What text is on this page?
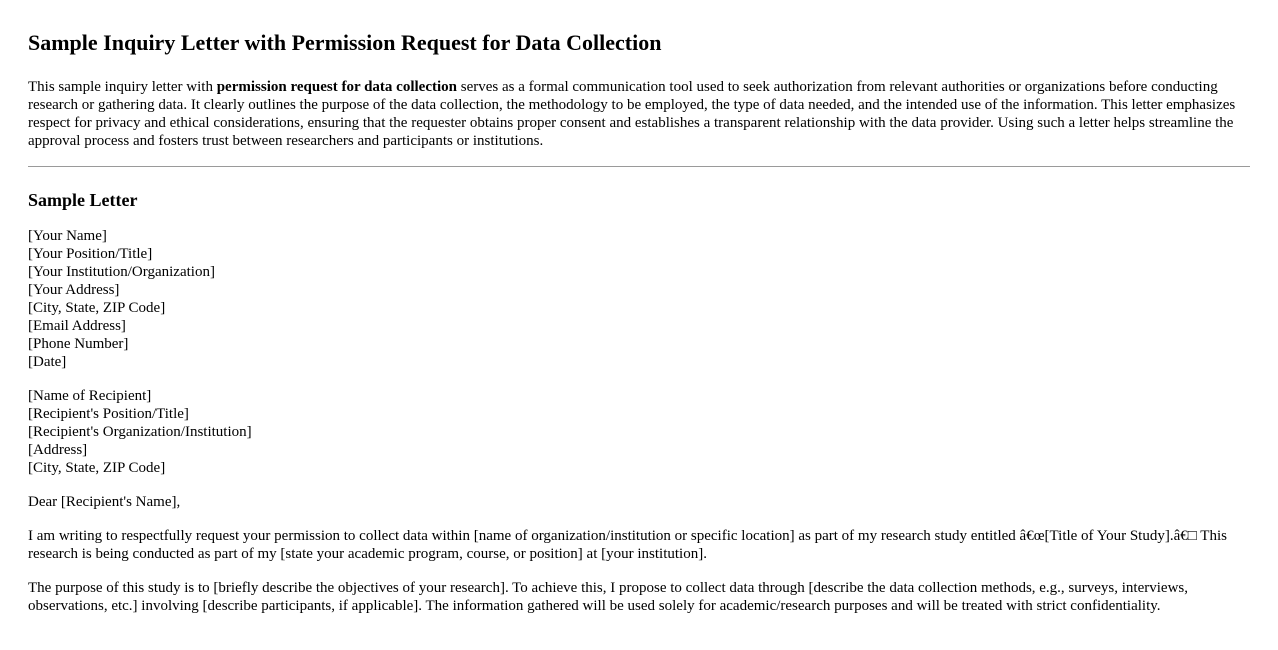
Sample Inquiry Letter with Permission Request for Data Collection

This sample inquiry letter with permission request for data collection serves as a formal communication tool used to seek authorization from relevant authorities or organizations before conducting research or gathering data. It clearly outlines the purpose of the data collection, the methodology to be employed, the type of data needed, and the intended use of the information. This letter emphasizes respect for privacy and ethical considerations, ensuring that the requester obtains proper consent and establishes a transparent relationship with the data provider. Using such a letter helps streamline the approval process and fosters trust between researchers and participants or institutions.

Sample Letter
[Your Name]
[Your Position/Title]
[Your Institution/Organization]
[Your Address]
[City, State, ZIP Code]
[Email Address]
[Phone Number]
[Date]
[Name of Recipient]
[Recipient's Position/Title]
[Recipient's Organization/Institution]
[Address]
[City, State, ZIP Code]

Dear [Recipient's Name],

I am writing to respectfully request your permission to collect data within [name of organization/institution or specific location] as part of my research study entitled â€œ[Title of Your Study].â€□ This research is being conducted as part of my [state your academic program, course, or position] at [your institution].

The purpose of this study is to [briefly describe the objectives of your research]. To achieve this, I propose to collect data through [describe the data collection methods, e.g., surveys, interviews, observations, etc.] involving [describe participants, if applicable]. The information gathered will be used solely for academic/research purposes and will be treated with strict confidentiality.
